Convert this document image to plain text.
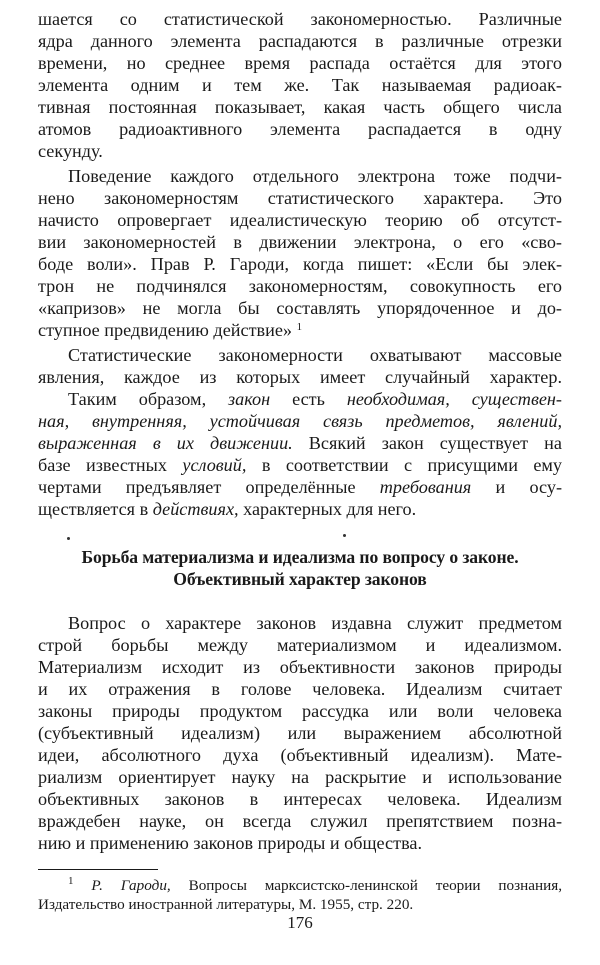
шается со статистической закономерностью. Различные
ядра данного элемента распадаются в различные отрезки
времени, но среднее время распада остаётся для этого
элемента одним и тем же. Так называемая радиоак-
тивная постоянная показывает, какая часть общего числа
атомов радиоактивного элемента распадается в одну
секунду.
Поведение каждого отдельного электрона тоже подчи-
нено закономерностям статистического характера. Это
начисто опровергает идеалистическую теорию об отсутст-
вии закономерностей в движении электрона, о его «сво-
боде воли». Прав Р. Гароди, когда пишет: «Если бы элек-
трон не подчинялся закономерностям, совокупность его
«капризов» не могла бы составлять упорядоченное и до-
ступное предвидению действие» $^1$
Статистические закономерности охватывают массовые
явления, каждое из которых имеет случайный характер.
Таким образом, закон есть необходимая, существен-
ная, внутренняя, устойчивая связь предметов, явлений,
выраженная в их движении. Всякий закон существует на
базе известных условий, в соответствии с присущими ему
чертами предъявляет определённые требования и осу-
ществляется в действиях, характерных для него.
Борьба материализма и идеализма по вопросу о законе.
Объективный характер законов
Вопрос о характере законов издавна служит предметом
строй борьбы между материализмом и идеализмом.
Материализм исходит из объективности законов природы
и их отражения в голове человека. Идеализм считает
законы природы продуктом рассудка или воли человека
(субъективный идеализм) или выражением абсолютной
идеи, абсолютного духа (объективный идеализм). Мате-
риализм ориентирует науку на раскрытие и использование
объективных законов в интересах человека. Идеализм
враждебен науке, он всегда служил препятствием позна-
нию и применению законов природы и общества.
$^1$ Р. Гароди, Вопросы марксистско-ленинской теории познания,
Издательство иностранной литературы, М. 1955, стр. 220.
176
